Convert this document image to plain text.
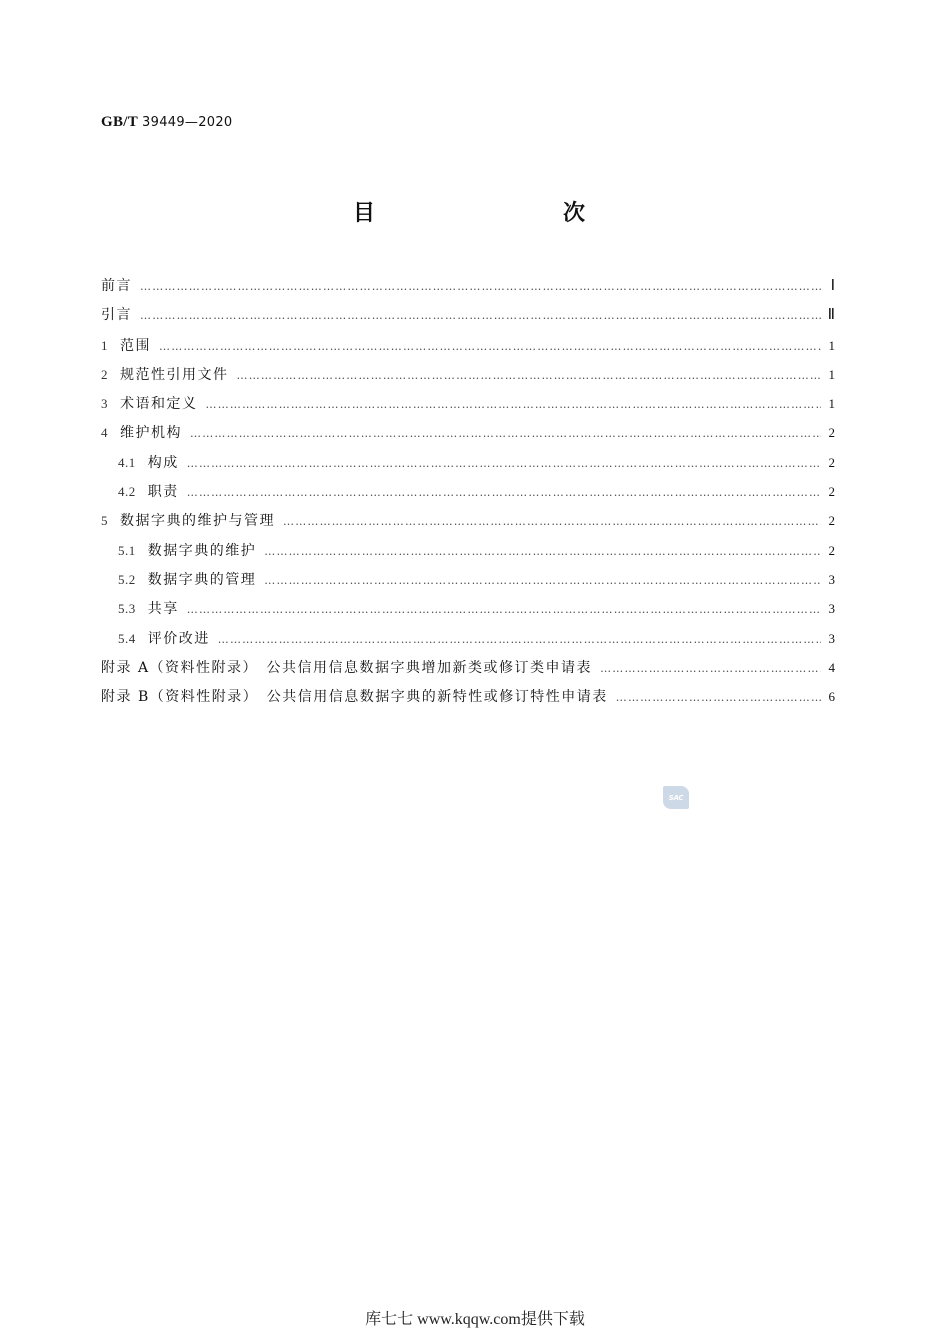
GB/T 39449—2020
目　　次
前言 ………………………………………………………………………………………………………………………………………………………………………………………………………………	Ⅰ
引言 ………………………………………………………………………………………………………………………………………………………………………………………………………………	Ⅱ
1 范围 ………………………………………………………………………………………………………………………………………………………………………………………………………………	1
2 规范性引用文件 ………………………………………………………………………………………………………………………………………………………………………………………………………………	1
3 术语和定义 ………………………………………………………………………………………………………………………………………………………………………………………………………………	1
4 维护机构 ………………………………………………………………………………………………………………………………………………………………………………………………………………	2
4.1 构成 ………………………………………………………………………………………………………………………………………………………………………………………………………………	2
4.2 职责 ………………………………………………………………………………………………………………………………………………………………………………………………………………	2
5 数据字典的维护与管理 ………………………………………………………………………………………………………………………………………………………………………………………………………………	2
5.1 数据字典的维护 ………………………………………………………………………………………………………………………………………………………………………………………………………………	2
5.2 数据字典的管理 ………………………………………………………………………………………………………………………………………………………………………………………………………………	3
5.3 共享 ………………………………………………………………………………………………………………………………………………………………………………………………………………	3
5.4 评价改进 ………………………………………………………………………………………………………………………………………………………………………………………………………………	3
附录 A（资料性附录）　公共信用信息数据字典增加新类或修订类申请表 ………………………………………………………………………………………………………………………………………………………………………………………………………………	4
附录 B（资料性附录）　公共信用信息数据字典的新特性或修订特性申请表 ………………………………………………………………………………………………………………………………………………………………………………………………………………	6
SAC
库七七 www.kqqw.com提供下载
